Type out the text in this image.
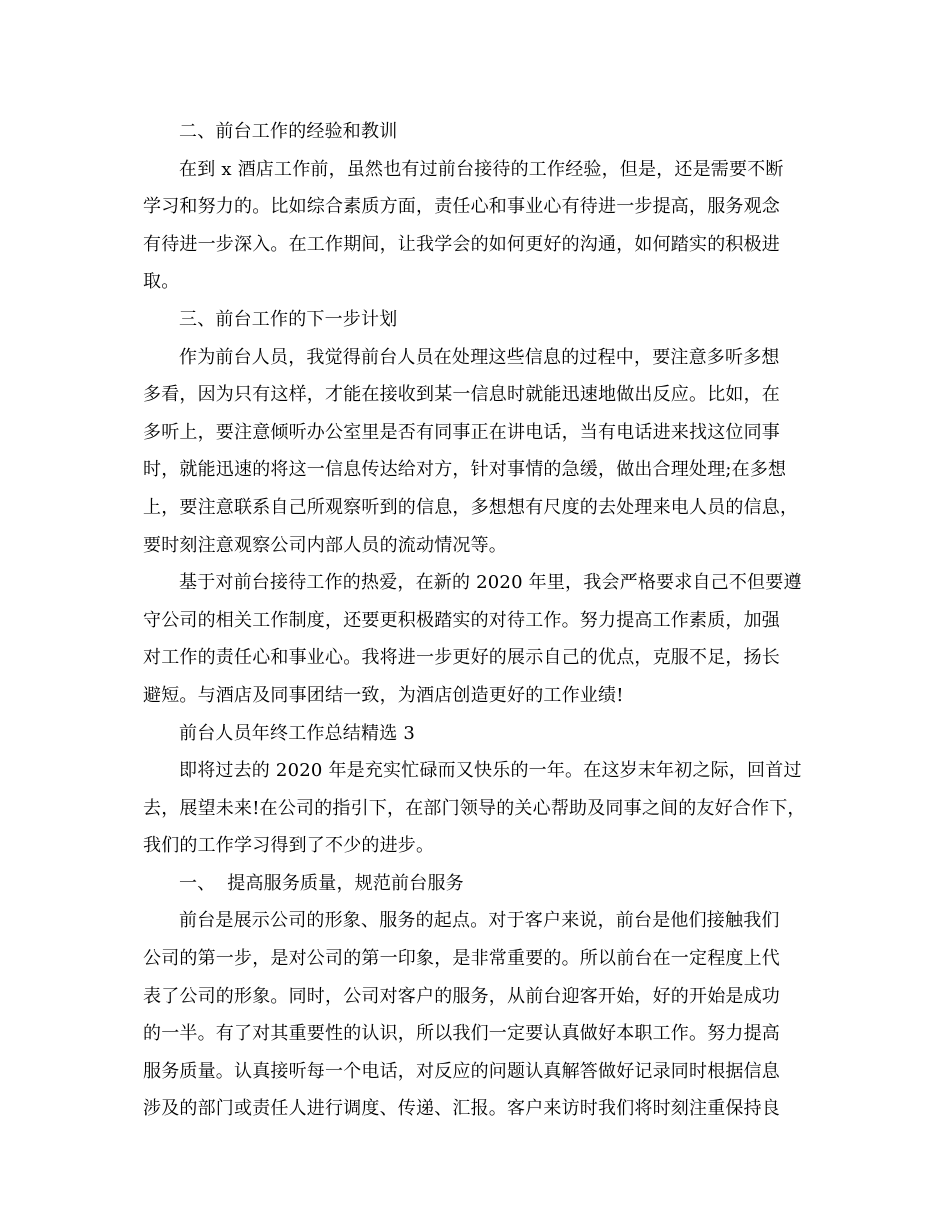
二、前台工作的经验和教训
在到 x 酒店工作前，虽然也有过前台接待的工作经验，但是，还是需要不断
学习和努力的。比如综合素质方面，责任心和事业心有待进一步提高，服务观念
有待进一步深入。在工作期间，让我学会的如何更好的沟通，如何踏实的积极进
取。
三、前台工作的下一步计划
作为前台人员，我觉得前台人员在处理这些信息的过程中，要注意多听多想
多看，因为只有这样，才能在接收到某一信息时就能迅速地做出反应。比如，在
多听上，要注意倾听办公室里是否有同事正在讲电话，当有电话进来找这位同事
时，就能迅速的将这一信息传达给对方，针对事情的急缓，做出合理处理;在多想
上，要注意联系自己所观察听到的信息，多想想有尺度的去处理来电人员的信息，
要时刻注意观察公司内部人员的流动情况等。
基于对前台接待工作的热爱，在新的 2020 年里，我会严格要求自己不但要遵
守公司的相关工作制度，还要更积极踏实的对待工作。努力提高工作素质，加强
对工作的责任心和事业心。我将进一步更好的展示自己的优点，克服不足，扬长
避短。与酒店及同事团结一致，为酒店创造更好的工作业绩!
前台人员年终工作总结精选 3
即将过去的 2020 年是充实忙碌而又快乐的一年。在这岁末年初之际，回首过
去，展望未来!在公司的指引下，在部门领导的关心帮助及同事之间的友好合作下，
我们的工作学习得到了不少的进步。
一、  提高服务质量，规范前台服务
前台是展示公司的形象、服务的起点。对于客户来说，前台是他们接触我们
公司的第一步，是对公司的第一印象，是非常重要的。所以前台在一定程度上代
表了公司的形象。同时，公司对客户的服务，从前台迎客开始，好的开始是成功
的一半。有了对其重要性的认识，所以我们一定要认真做好本职工作。努力提高
服务质量。认真接听每一个电话，对反应的问题认真解答做好记录同时根据信息
涉及的部门或责任人进行调度、传递、汇报。客户来访时我们将时刻注重保持良
